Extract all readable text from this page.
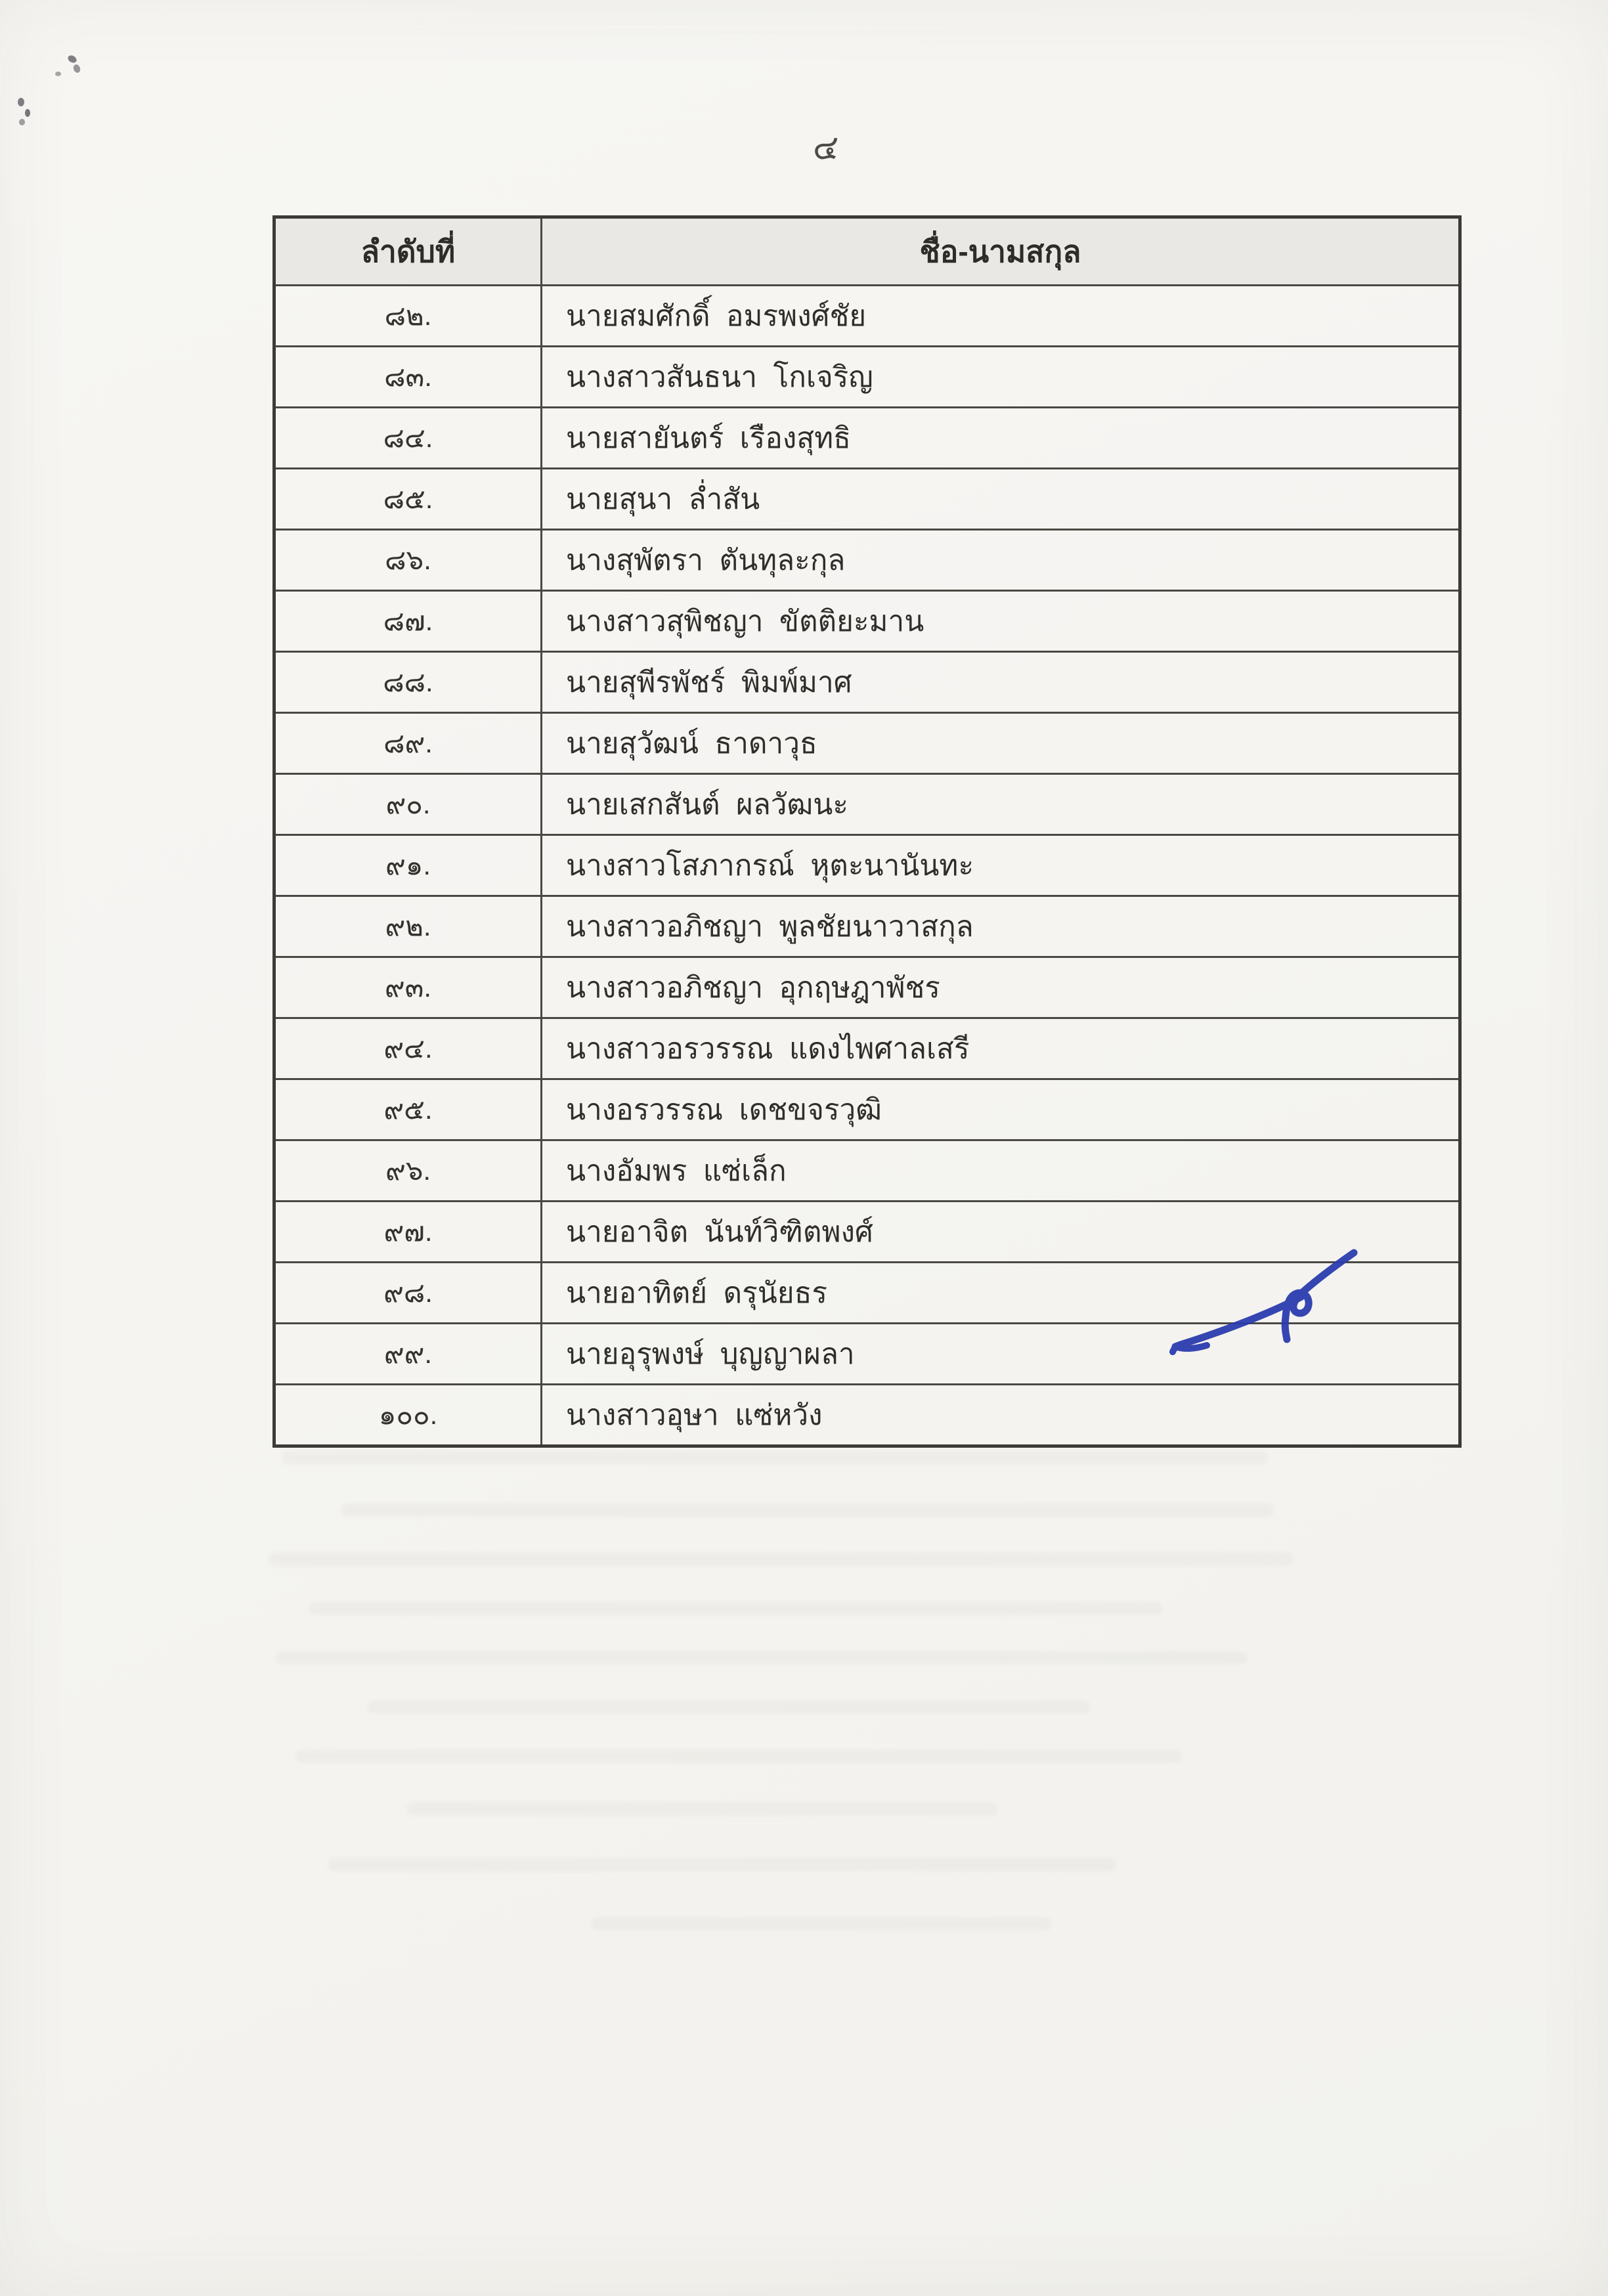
๔
ลำดับที่	ชื่อ-นามสกุล
๘๒.	นายสมศักดิ์  อมรพงศ์ชัย
๘๓.	นางสาวสันธนา  โกเจริญ
๘๔.	นายสายันตร์  เรืองสุทธิ
๘๕.	นายสุนา  ล่ำสัน
๘๖.	นางสุพัตรา  ตันทุละกุล
๘๗.	นางสาวสุพิชญา  ขัตติยะมาน
๘๘.	นายสุพีรพัชร์  พิมพ์มาศ
๘๙.	นายสุวัฒน์  ธาดาวุธ
๙๐.	นายเสกสันต์  ผลวัฒนะ
๙๑.	นางสาวโสภากรณ์  หุตะนานันทะ
๙๒.	นางสาวอภิชญา  พูลชัยนาวาสกุล
๙๓.	นางสาวอภิชญา  อุกฤษฎาพัชร
๙๔.	นางสาวอรวรรณ  แดงไพศาลเสรี
๙๕.	นางอรวรรณ  เดชขจรวุฒิ
๙๖.	นางอัมพร  แซ่เล็ก
๙๗.	นายอาจิต  นันท์วิฑิตพงศ์
๙๘.	นายอาทิตย์  ดรุนัยธร
๙๙.	นายอุรุพงษ์  บุญญาผลา
๑๐๐.	นางสาวอุษา  แซ่หวัง
